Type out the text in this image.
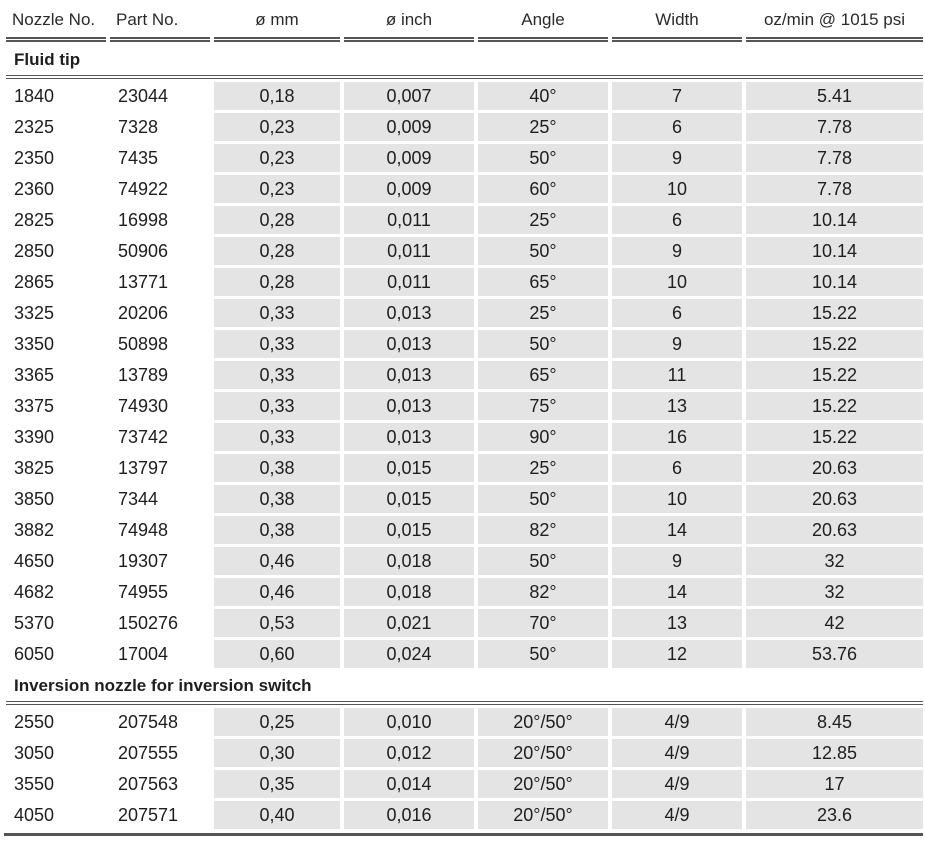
Nozzle No.	Part No.	ø mm	ø inch	Angle	Width	oz/min @ 1015 psi
Fluid tip						
1840	23044	0,18	0,007	40°	7	5.41
2325	7328	0,23	0,009	25°	6	7.78
2350	7435	0,23	0,009	50°	9	7.78
2360	74922	0,23	0,009	60°	10	7.78
2825	16998	0,28	0,011	25°	6	10.14
2850	50906	0,28	0,011	50°	9	10.14
2865	13771	0,28	0,011	65°	10	10.14
3325	20206	0,33	0,013	25°	6	15.22
3350	50898	0,33	0,013	50°	9	15.22
3365	13789	0,33	0,013	65°	11	15.22
3375	74930	0,33	0,013	75°	13	15.22
3390	73742	0,33	0,013	90°	16	15.22
3825	13797	0,38	0,015	25°	6	20.63
3850	7344	0,38	0,015	50°	10	20.63
3882	74948	0,38	0,015	82°	14	20.63
4650	19307	0,46	0,018	50°	9	32
4682	74955	0,46	0,018	82°	14	32
5370	150276	0,53	0,021	70°	13	42
6050	17004	0,60	0,024	50°	12	53.76
Inversion nozzle for inversion switch						
2550	207548	0,25	0,010	20°/50°	4/9	8.45
3050	207555	0,30	0,012	20°/50°	4/9	12.85
3550	207563	0,35	0,014	20°/50°	4/9	17
4050	207571	0,40	0,016	20°/50°	4/9	23.6
